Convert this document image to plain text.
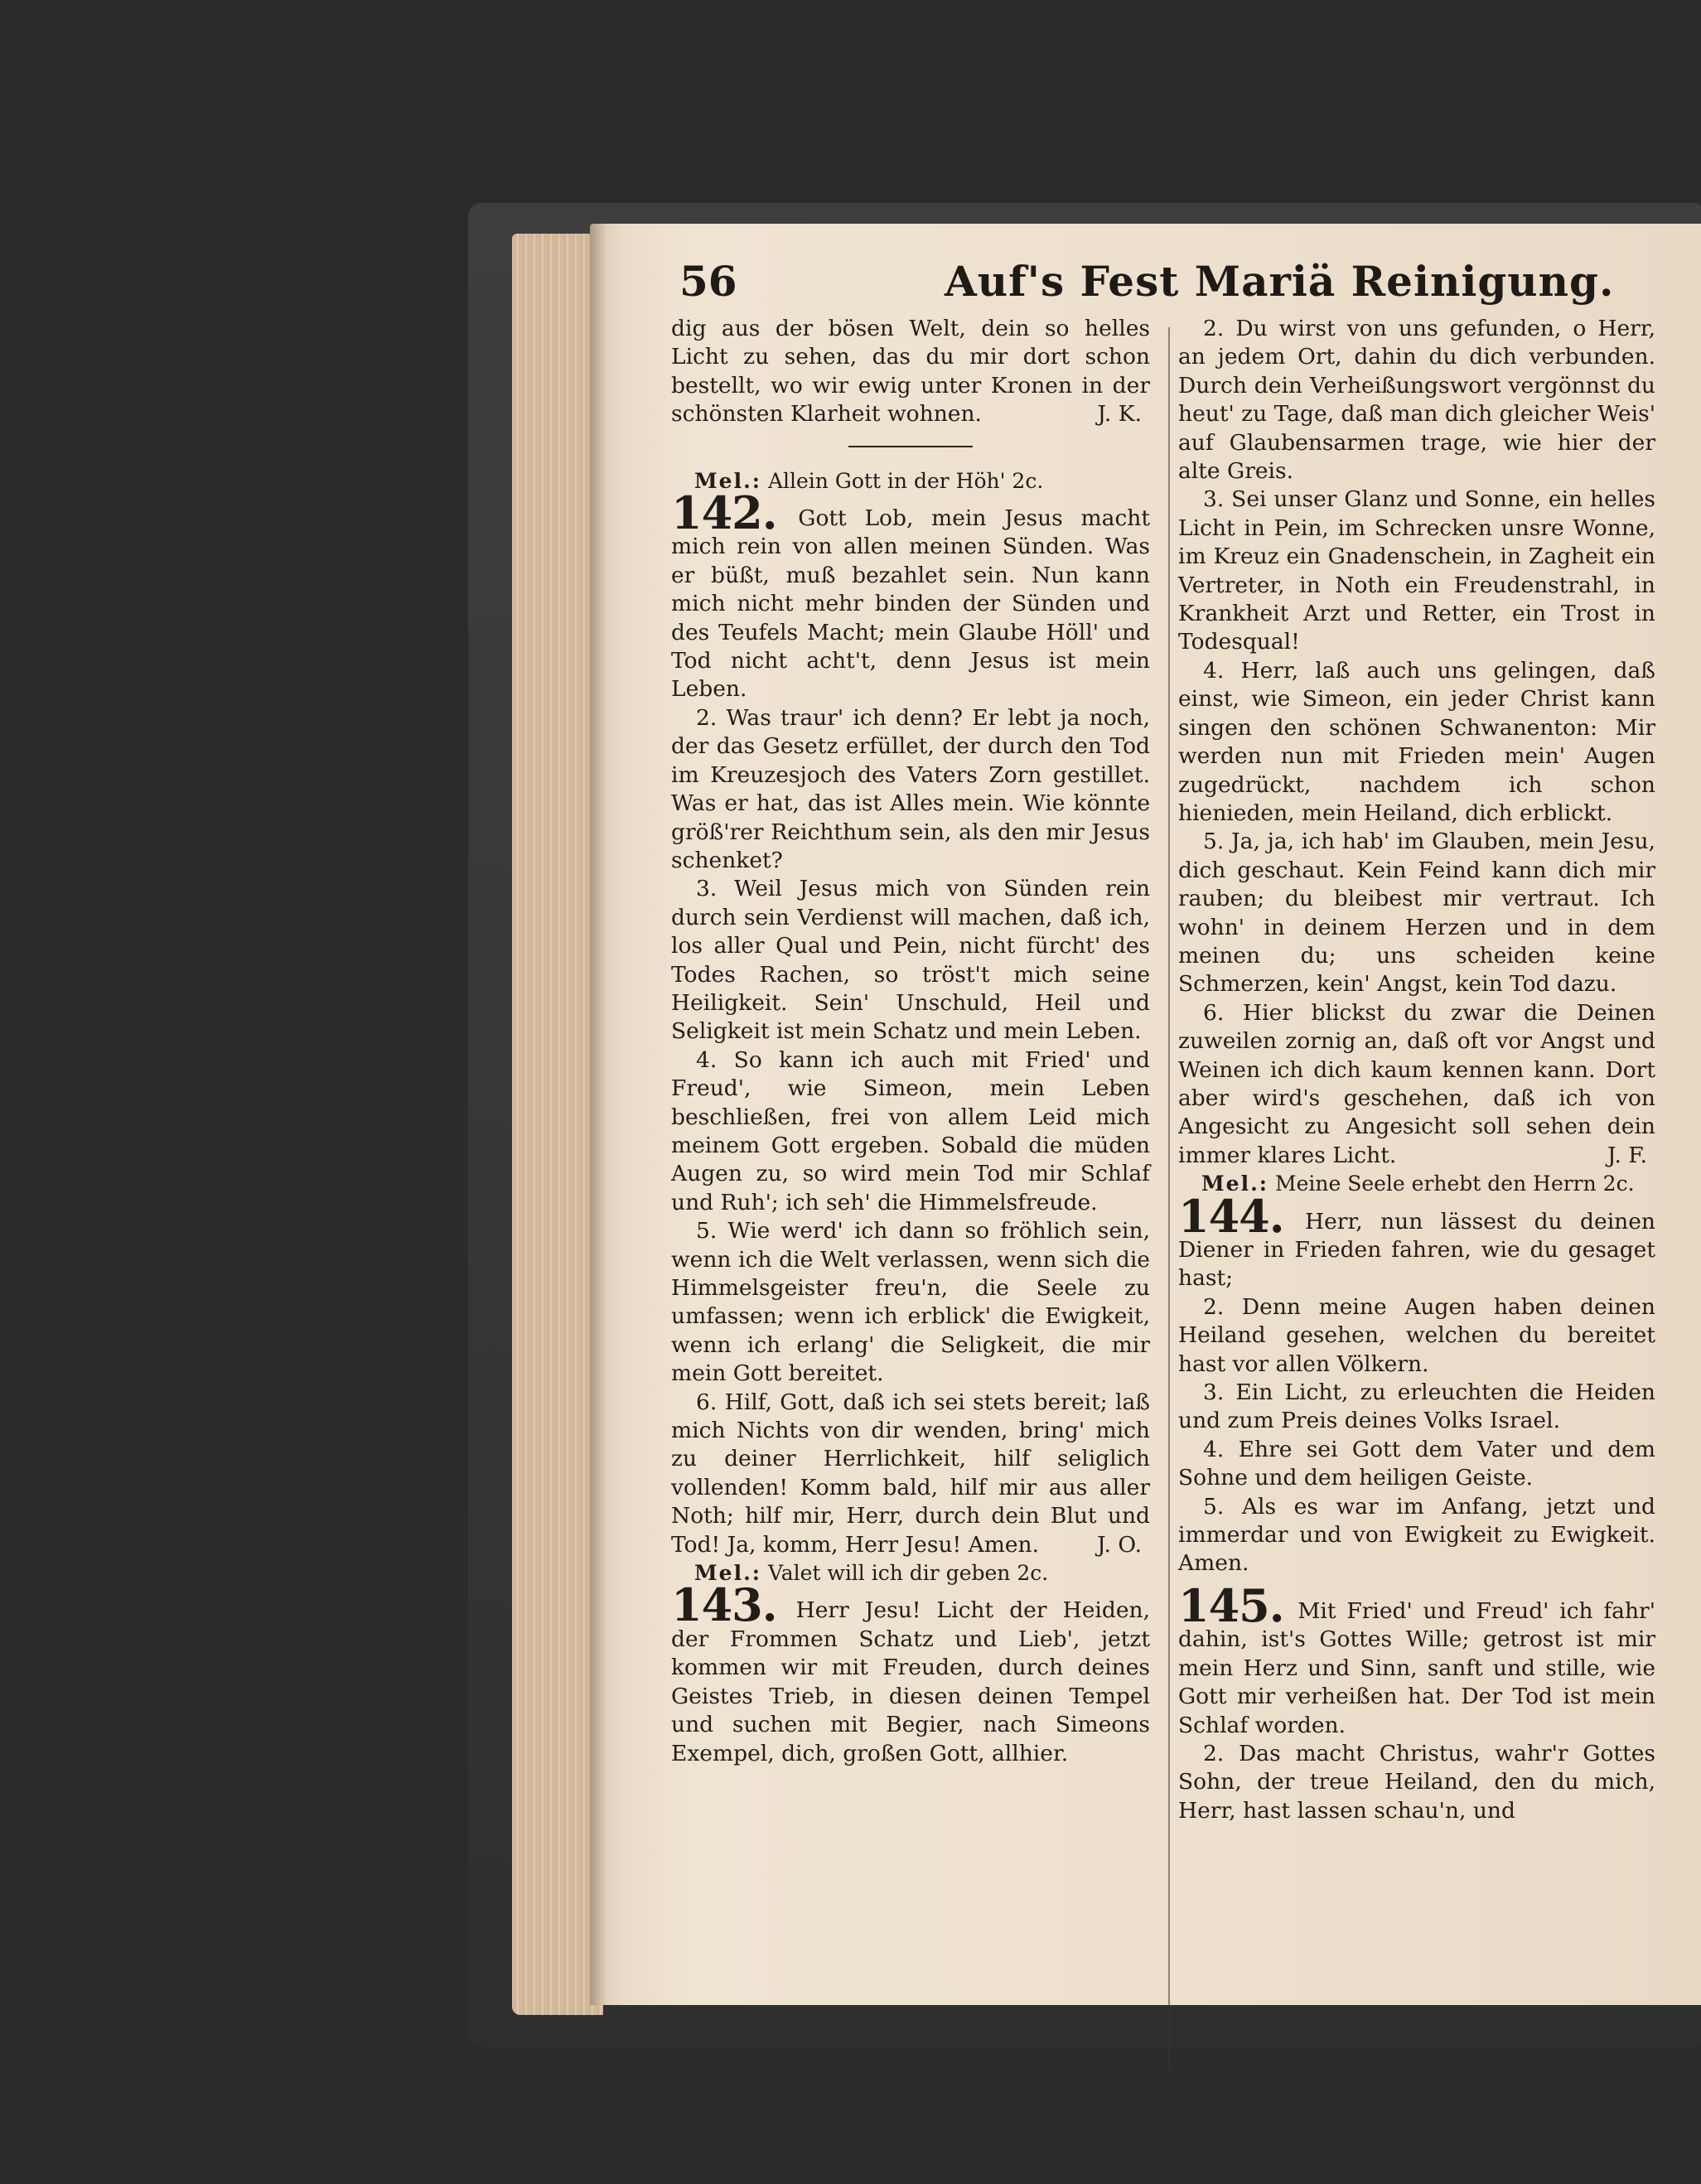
56	Auf's Fest Mariä Reinigung.

dig aus der bösen Welt, dein so helles Licht zu sehen, das du mir dort schon bestellt, wo wir ewig unter Kronen in der schönsten Klarheit wohnen.	J. K.

Mel.: Allein Gott in der Höh' 2c.

142. Gott Lob, mein Jesus macht mich rein von allen meinen Sünden. Was er büßt, muß bezahlet sein. Nun kann mich nicht mehr binden der Sünden und des Teufels Macht; mein Glaube Höll' und Tod nicht acht't, denn Jesus ist mein Leben.

2. Was traur' ich denn? Er lebt ja noch, der das Gesetz erfüllet, der durch den Tod im Kreuzesjoch des Vaters Zorn gestillet. Was er hat, das ist Alles mein. Wie könnte größ'rer Reichthum sein, als den mir Jesus schenket?

3. Weil Jesus mich von Sünden rein durch sein Verdienst will machen, daß ich, los aller Qual und Pein, nicht fürcht' des Todes Rachen, so tröst't mich seine Heiligkeit. Sein' Unschuld, Heil und Seligkeit ist mein Schatz und mein Leben.

4. So kann ich auch mit Fried' und Freud', wie Simeon, mein Leben beschließen, frei von allem Leid mich meinem Gott ergeben. Sobald die müden Augen zu, so wird mein Tod mir Schlaf und Ruh'; ich seh' die Himmelsfreude.

5. Wie werd' ich dann so fröhlich sein, wenn ich die Welt verlassen, wenn sich die Himmelsgeister freu'n, die Seele zu umfassen; wenn ich erblick' die Ewigkeit, wenn ich erlang' die Seligkeit, die mir mein Gott bereitet.

6. Hilf, Gott, daß ich sei stets bereit; laß mich Nichts von dir wenden, bring' mich zu deiner Herrlichkeit, hilf seliglich vollenden! Komm bald, hilf mir aus aller Noth; hilf mir, Herr, durch dein Blut und Tod! Ja, komm, Herr Jesu! Amen.	J. O.

Mel.: Valet will ich dir geben 2c.

143. Herr Jesu! Licht der Heiden, der Frommen Schatz und Lieb', jetzt kommen wir mit Freuden, durch deines Geistes Trieb, in diesen deinen Tempel und suchen mit Begier, nach Simeons Exempel, dich, großen Gott, allhier.

2. Du wirst von uns gefunden, o Herr, an jedem Ort, dahin du dich verbunden. Durch dein Verheißungswort vergönnst du heut' zu Tage, daß man dich gleicher Weis' auf Glaubensarmen trage, wie hier der alte Greis.

3. Sei unser Glanz und Sonne, ein helles Licht in Pein, im Schrecken unsre Wonne, im Kreuz ein Gnadenschein, in Zagheit ein Vertreter, in Noth ein Freudenstrahl, in Krankheit Arzt und Retter, ein Trost in Todesqual!

4. Herr, laß auch uns gelingen, daß einst, wie Simeon, ein jeder Christ kann singen den schönen Schwanenton: Mir werden nun mit Frieden mein' Augen zugedrückt, nachdem ich schon hienieden, mein Heiland, dich erblickt.

5. Ja, ja, ich hab' im Glauben, mein Jesu, dich geschaut. Kein Feind kann dich mir rauben; du bleibest mir vertraut. Ich wohn' in deinem Herzen und in dem meinen du; uns scheiden keine Schmerzen, kein' Angst, kein Tod dazu.

6. Hier blickst du zwar die Deinen zuweilen zornig an, daß oft vor Angst und Weinen ich dich kaum kennen kann. Dort aber wird's geschehen, daß ich von Angesicht zu Angesicht soll sehen dein immer klares Licht.	J. F.

Mel.: Meine Seele erhebt den Herrn 2c.

144. Herr, nun lässest du deinen Diener in Frieden fahren, wie du gesaget hast;

2. Denn meine Augen haben deinen Heiland gesehen, welchen du bereitet hast vor allen Völkern.

3. Ein Licht, zu erleuchten die Heiden und zum Preis deines Volks Israel.

4. Ehre sei Gott dem Vater und dem Sohne und dem heiligen Geiste.

5. Als es war im Anfang, jetzt und immerdar und von Ewigkeit zu Ewigkeit. Amen.

145. Mit Fried' und Freud' ich fahr' dahin, ist's Gottes Wille; getrost ist mir mein Herz und Sinn, sanft und stille, wie Gott mir verheißen hat. Der Tod ist mein Schlaf worden.

2. Das macht Christus, wahr'r Gottes Sohn, der treue Heiland, den du mich, Herr, hast lassen schau'n, und
